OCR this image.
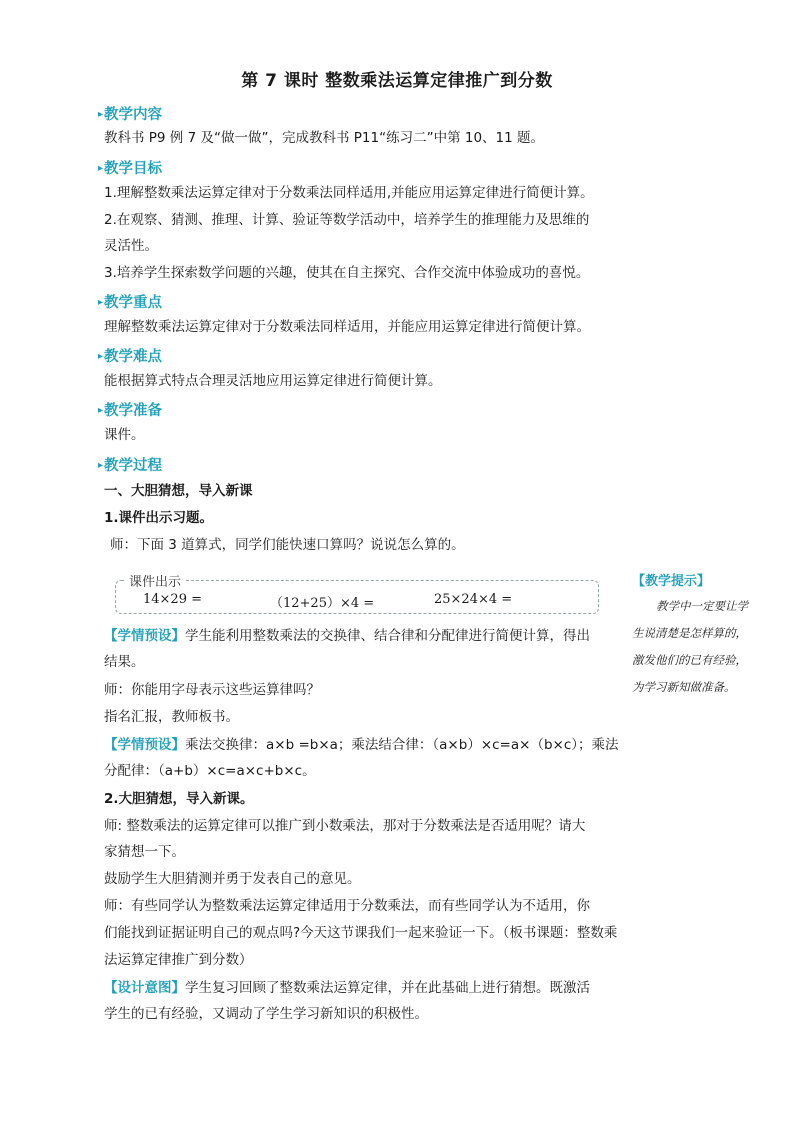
第 7 课时 整数乘法运算定律推广到分数
▸ 教学内容
教科书 P9 例 7 及“做一做”，完成教科书 P11“练习二”中第 10、11 题。
▸ 教学目标
1.理解整数乘法运算定律对于分数乘法同样适用,并能应用运算定律进行简便计算。
2.在观察、猜测、推理、计算、验证等数学活动中，培养学生的推理能力及思维的
灵活性。
3.培养学生探索数学问题的兴趣，使其在自主探究、合作交流中体验成功的喜悦。
▸ 教学重点
理解整数乘法运算定律对于分数乘法同样适用，并能应用运算定律进行简便计算。
▸ 教学难点
能根据算式特点合理灵活地应用运算定律进行简便计算。
▸ 教学准备
课件。
▸ 教学过程
一、大胆猜想，导入新课
1.课件出示习题。
师：下面 3 道算式，同学们能快速口算吗？说说怎么算的。
课件出示
14×29 =	（12+25）×4 =	25×24×4 =
【学情预设】学生能利用整数乘法的交换律、结合律和分配律进行简便计算，得出
结果。
师：你能用字母表示这些运算律吗？
指名汇报，教师板书。
【学情预设】乘法交换律：a×b =b×a；乘法结合律：（a×b）×c=a×（b×c）；乘法
分配律：（a+b）×c=a×c+b×c。
2.大胆猜想，导入新课。
师: 整数乘法的运算定律可以推广到小数乘法，那对于分数乘法是否适用呢？请大
家猜想一下。
鼓励学生大胆猜测并勇于发表自己的意见。
师：有些同学认为整数乘法运算定律适用于分数乘法，而有些同学认为不适用，你
们能找到证据证明自己的观点吗?今天这节课我们一起来验证一下。（板书课题：整数乘
法运算定律推广到分数）
【设计意图】学生复习回顾了整数乘法运算定律，并在此基础上进行猜想。既激活
学生的已有经验，又调动了学生学习新知识的积极性。
【教学提示】
教学中一定要让学生说清楚是怎样算的，激发他们的已有经验，为学习新知做准备。
